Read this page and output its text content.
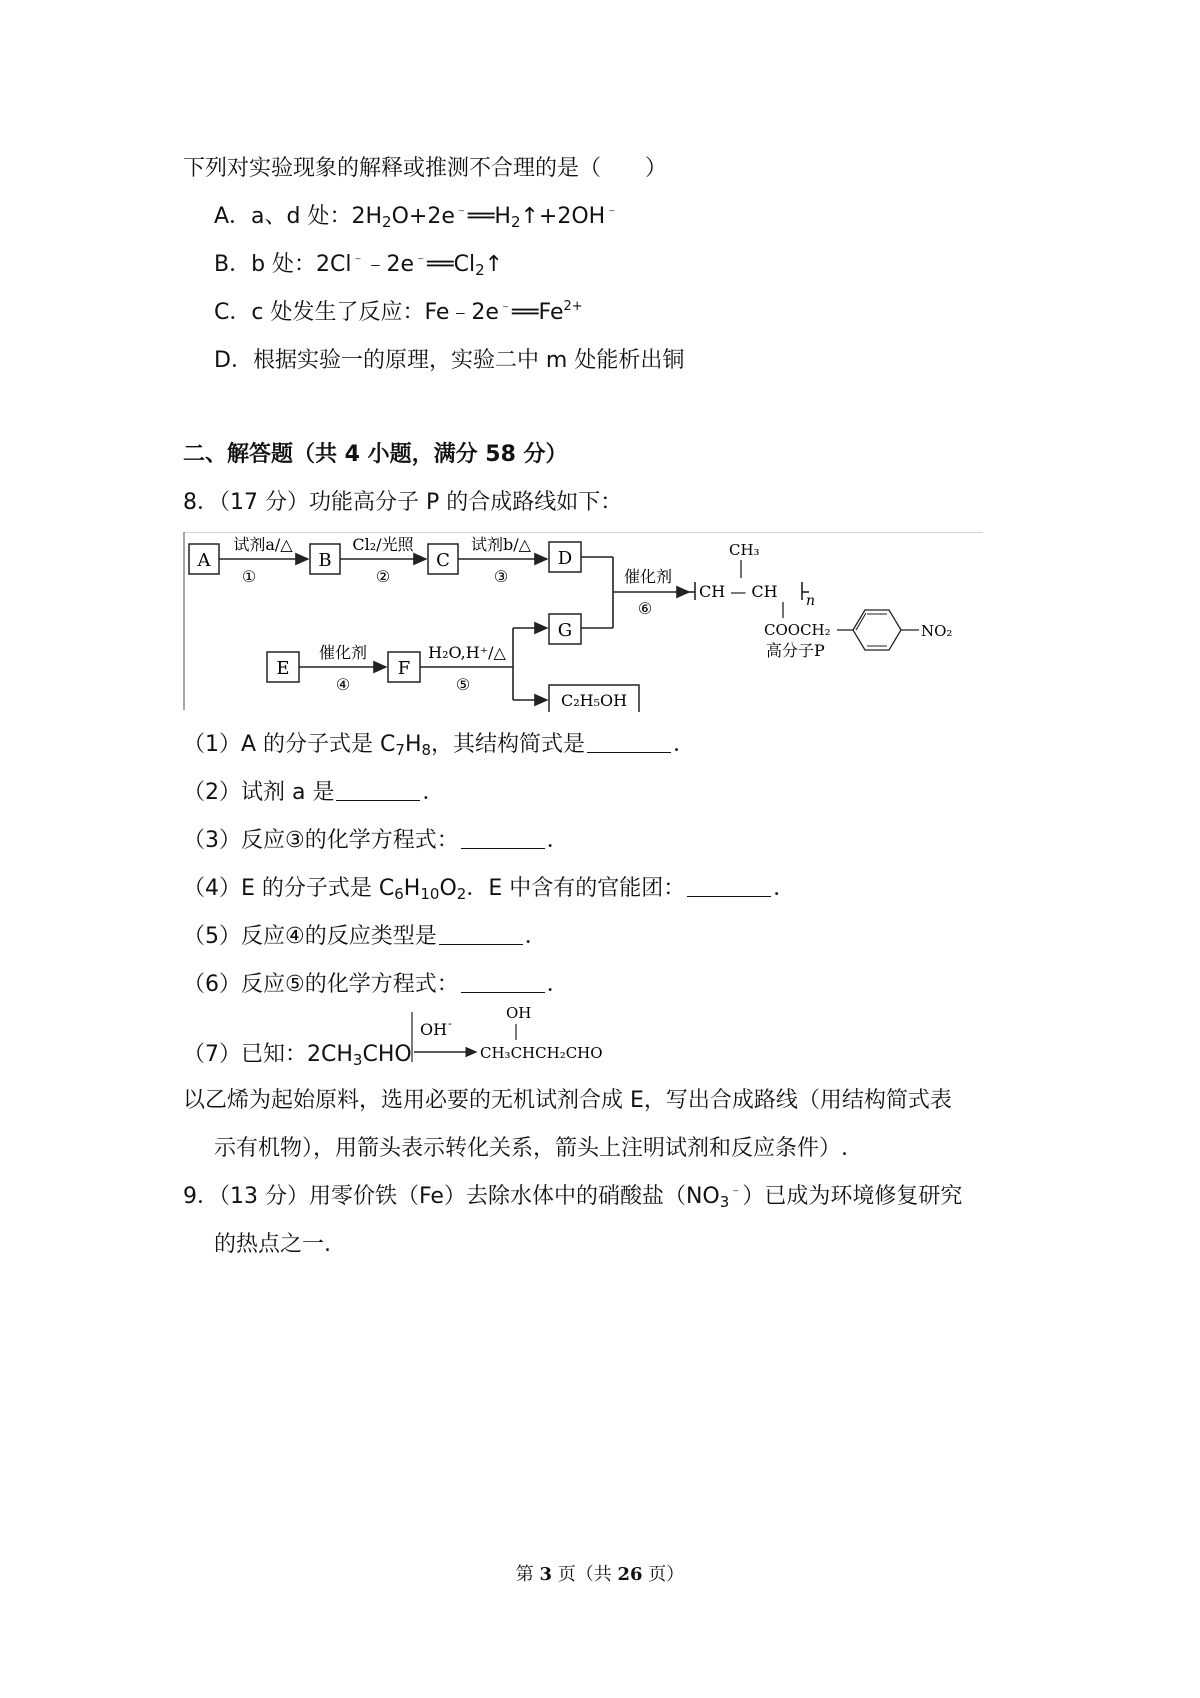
下列对实验现象的解释或推测不合理的是（　　）
A．a、d 处：$2H_2O+2e^﹣══H_2↑+2OH^﹣$
B．b 处：$2Cl^﹣﹣2e^﹣══Cl_2↑$
C．c 处发生了反应：$Fe﹣2e^﹣══Fe^{2+}$
D．根据实验一的原理，实验二中 m 处能析出铜
二、解答题（共 4 小题，满分 58 分）
8．（17 分）功能高分子 P 的合成路线如下：
A	B	C	D
试剂a/△
①
Cl₂/光照
②
试剂b/△
③	催化剂
⑥
CH₃
CH — CH n
COOCH₂	NO₂
高分子P
E	F
催化剂
④
H₂O,H⁺/△
⑤
G
C₂H₅OH
（1）A 的分子式是 $C_7H_8$，其结构简式是	．
（2）试剂 a 是	．
（3）反应③的化学方程式：	．
（4）E 的分子式是 $C_6H_{10}O_2$．E 中含有的官能团：	．
（5）反应④的反应类型是	．
（6）反应⑤的化学方程式：	．
（7）已知：$2CH_3CHO$
OH -
OH
CH₃CHCH₂CHO
以乙烯为起始原料，选用必要的无机试剂合成 E，写出合成路线（用结构简式表
示有机物），用箭头表示转化关系，箭头上注明试剂和反应条件）.
9．（13 分）用零价铁（Fe）去除水体中的硝酸盐$(NO_3^﹣)$已成为环境修复研究
的热点之一.
第 3 页（共 26 页）
